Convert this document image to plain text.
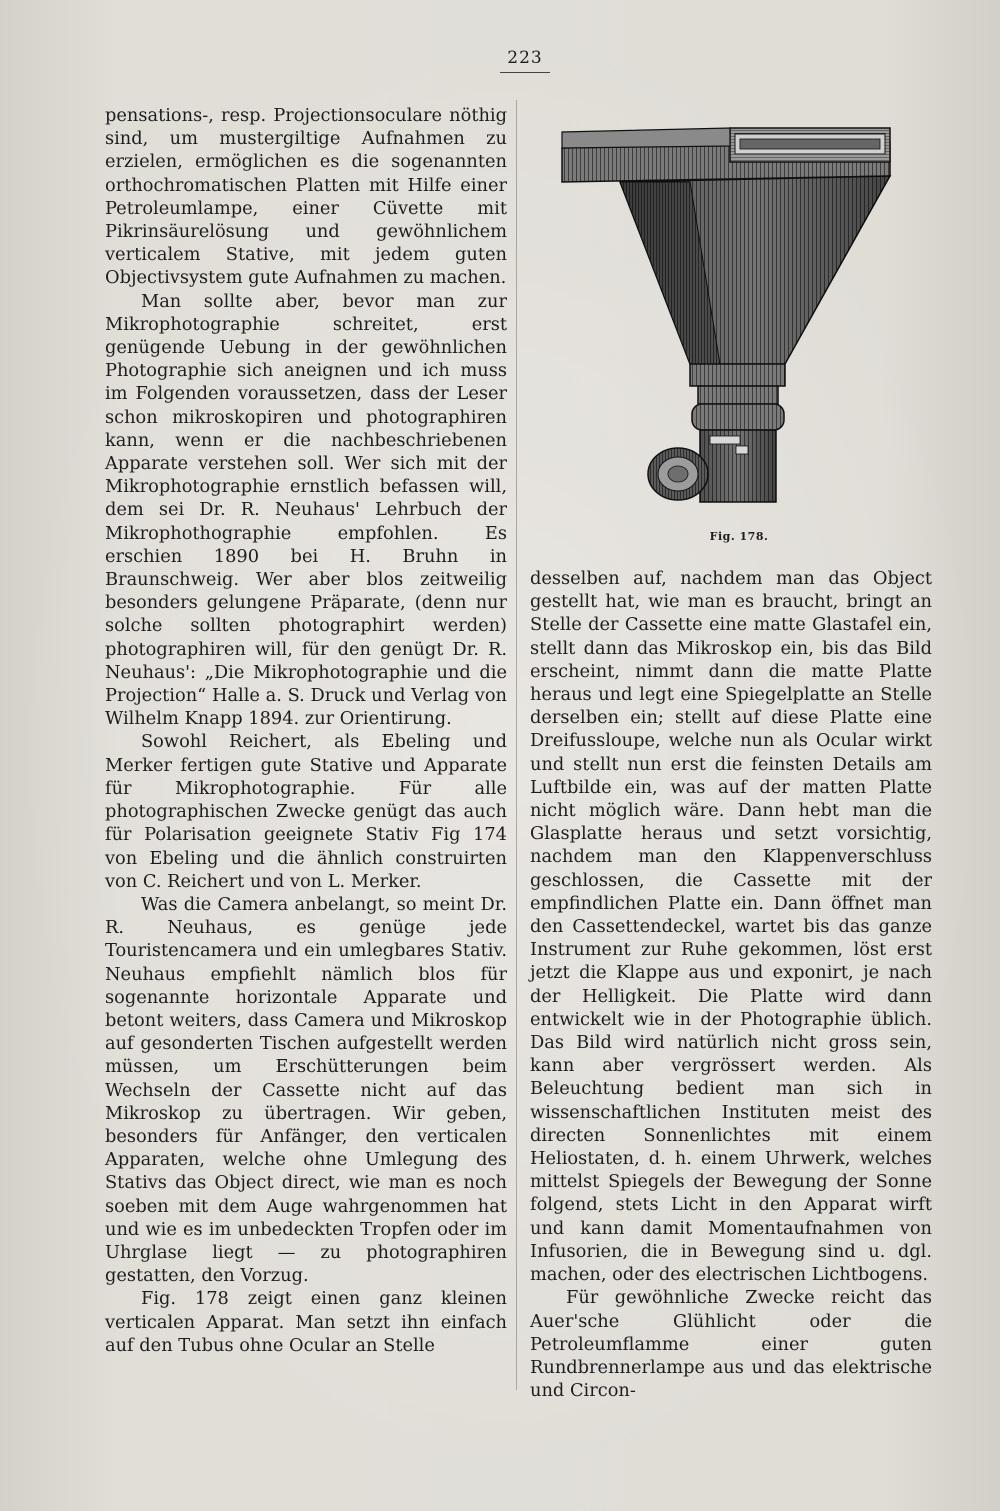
223

pensations-, resp. Projectionsoculare nöthig sind, um mustergiltige Aufnahmen zu erzielen, ermöglichen es die sogenannten orthochromatischen Platten mit Hilfe einer Petroleumlampe, einer Cüvette mit Pikrinsäurelösung und gewöhnlichem verticalem Stative, mit jedem guten Objectivsystem gute Aufnahmen zu machen.

Man sollte aber, bevor man zur Mikrophotographie schreitet, erst genügende Uebung in der gewöhnlichen Photographie sich aneignen und ich muss im Folgenden voraussetzen, dass der Leser schon mikroskopiren und photographiren kann, wenn er die nachbeschriebenen Apparate verstehen soll. Wer sich mit der Mikrophotographie ernstlich befassen will, dem sei Dr. R. Neuhaus' Lehrbuch der Mikrophothographie empfohlen. Es erschien 1890 bei H. Bruhn in Braunschweig. Wer aber blos zeitweilig besonders gelungene Präparate, (denn nur solche sollten photographirt werden) photographiren will, für den genügt Dr. R. Neuhaus': „Die Mikrophotographie und die Projection“ Halle a. S. Druck und Verlag von Wilhelm Knapp 1894. zur Orientirung.

Sowohl Reichert, als Ebeling und Merker fertigen gute Stative und Apparate für Mikrophotographie. Für alle photographischen Zwecke genügt das auch für Polarisation geeignete Stativ Fig 174 von Ebeling und die ähnlich construirten von C. Reichert und von L. Merker.

Was die Camera anbelangt, so meint Dr. R. Neuhaus, es genüge jede Touristencamera und ein umlegbares Stativ. Neuhaus empfiehlt nämlich blos für sogenannte horizontale Apparate und betont weiters, dass Camera und Mikroskop auf gesonderten Tischen aufgestellt werden müssen, um Erschütterungen beim Wechseln der Cassette nicht auf das Mikroskop zu übertragen. Wir geben, besonders für Anfänger, den verticalen Apparaten, welche ohne Umlegung des Stativs das Object direct, wie man es noch soeben mit dem Auge wahrgenommen hat und wie es im unbedeckten Tropfen oder im Uhrglase liegt — zu photographiren gestatten, den Vorzug.

Fig. 178 zeigt einen ganz kleinen verticalen Apparat. Man setzt ihn einfach auf den Tubus ohne Ocular an Stelle

Fig. 178.

desselben auf, nachdem man das Object gestellt hat, wie man es braucht, bringt an Stelle der Cassette eine matte Glastafel ein, stellt dann das Mikroskop ein, bis das Bild erscheint, nimmt dann die matte Platte heraus und legt eine Spiegelplatte an Stelle derselben ein; stellt auf diese Platte eine Dreifussloupe, welche nun als Ocular wirkt und stellt nun erst die feinsten Details am Luftbilde ein, was auf der matten Platte nicht möglich wäre. Dann hebt man die Glasplatte heraus und setzt vorsichtig, nachdem man den Klappenverschluss geschlossen, die Cassette mit der empfindlichen Platte ein. Dann öffnet man den Cassettendeckel, wartet bis das ganze Instrument zur Ruhe gekommen, löst erst jetzt die Klappe aus und exponirt, je nach der Helligkeit. Die Platte wird dann entwickelt wie in der Photographie üblich. Das Bild wird natürlich nicht gross sein, kann aber vergrössert werden. Als Beleuchtung bedient man sich in wissenschaftlichen Instituten meist des directen Sonnenlichtes mit einem Heliostaten, d. h. einem Uhrwerk, welches mittelst Spiegels der Bewegung der Sonne folgend, stets Licht in den Apparat wirft und kann damit Momentaufnahmen von Infusorien, die in Bewegung sind u. dgl. machen, oder des electrischen Lichtbogens.

Für gewöhnliche Zwecke reicht das Auer'sche Glühlicht oder die Petroleumflamme einer guten Rundbrennerlampe aus und das elektrische und Circon-
